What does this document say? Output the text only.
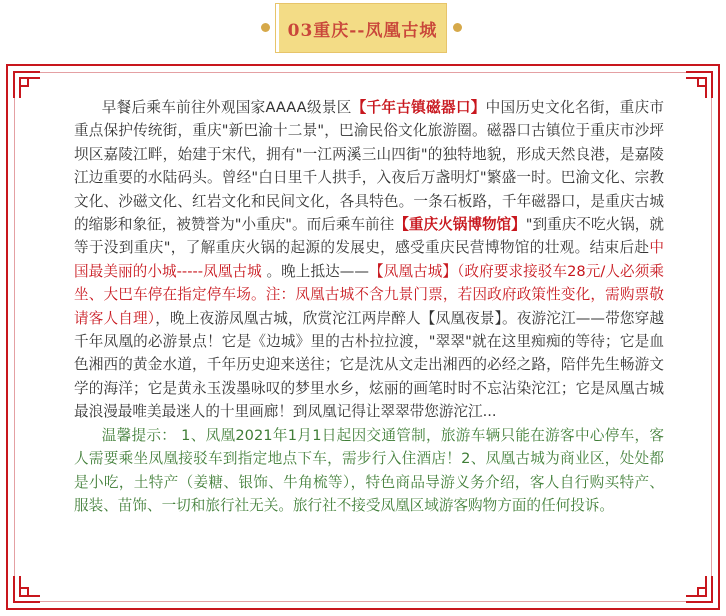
03重庆--凤凰古城

早餐后乘车前往外观国家AAAA级景区【千年古镇磁器口】中国历史文化名街，重庆市重点保护传统街，重庆"新巴渝十二景"，巴渝民俗文化旅游圈。磁器口古镇位于重庆市沙坪坝区嘉陵江畔，始建于宋代，拥有"一江两溪三山四街"的独特地貌，形成天然良港，是嘉陵江边重要的水陆码头。曾经"白日里千人拱手，入夜后万盏明灯"繁盛一时。巴渝文化、宗教文化、沙磁文化、红岩文化和民间文化，各具特色。一条石板路，千年磁器口，是重庆古城的缩影和象征，被赞誉为"小重庆"。而后乘车前往【重庆火锅博物馆】"到重庆不吃火锅，就等于没到重庆"，了解重庆火锅的起源的发展史，感受重庆民营博物馆的壮观。结束后赴中国最美丽的小城-----凤凰古城 。晚上抵达——【凤凰古城】（政府要求接驳车28元/人必须乘坐、大巴车停在指定停车场。注：凤凰古城不含九景门票，若因政府政策性变化，需购票敬请客人自理），晚上夜游凤凰古城，欣赏沱江两岸醉人【凤凰夜景】。夜游沱江——带您穿越千年凤凰的必游景点！它是《边城》里的古朴拉拉渡，"翠翠"就在这里痴痴的等待；它是血色湘西的黄金水道，千年历史迎来送往；它是沈从文走出湘西的必经之路，陪伴先生畅游文学的海洋；它是黄永玉泼墨咏叹的梦里水乡，炫丽的画笔时时不忘沾染沱江；它是凤凰古城最浪漫最唯美最迷人的十里画廊！到凤凰记得让翠翠带您游沱江...

温馨提示： 1、凤凰2021年1月1日起因交通管制，旅游车辆只能在游客中心停车，客人需要乘坐凤凰接驳车到指定地点下车，需步行入住酒店！2、凤凰古城为商业区，处处都是小吃，土特产（姜糖、银饰、牛角梳等），特色商品导游义务介绍，客人自行购买特产、服装、苗饰、一切和旅行社无关。旅行社不接受凤凰区域游客购物方面的任何投诉。
